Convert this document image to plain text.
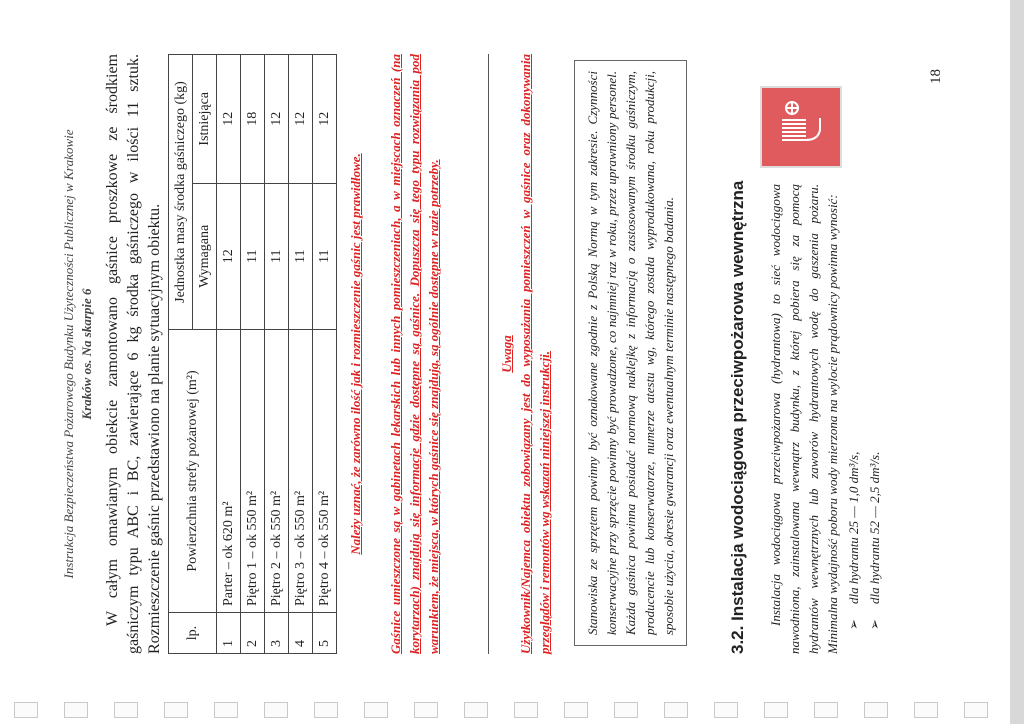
Instrukcja Bezpieczeństwa Pożarowego Budynku Użyteczności Publicznej w Krakowie Kraków os. Na skarpie 6 W całym omawianym obiekcie zamontowano gaśnice proszkowe ze środkiem gaśniczym typu ABC i BC, zawierające 6 kg środka gaśniczego w ilości 11 sztuk. Rozmieszczenie gaśnic przedstawiono na planie sytuacyjnym obiektu. lp.	Powierzchnia strefy pożarowej (m²)	Jednostka masy środka gaśniczego (kg)	
		Wymagana	Istniejąca
1	Parter – ok 620 m²	12	12
2	Piętro 1 – ok 550 m²	11	18
3	Piętro 2 – ok 550 m²	11	12
4	Piętro 3 – ok 550 m²	11	12
5	Piętro 4 – ok 550 m²	11	12
Należy uznać, że zarówno ilość jak i rozmieszczenie gaśnic jest prawidłowe. Gaśnice umieszczone są w gabinetach lekarskich lub innych pomieszczeniach, a w miejscach oznaczeń (na korytarzach) znajdują się informacje gdzie dostępne są gaśnice. Dopuszcza się tego typu rozwiązania pod warunkiem, że miejsca, w których gaśnice się znajdują, są ogólnie dostępne w razie potrzeby.	Uwaga Użytkownik/Najemca obiektu zobowiązany jest do wyposażania pomieszczeń w gaśnice oraz dokonywania przeglądów i remontów wg wskazań niniejszej instrukcji.	Stanowiska ze sprzętem powinny być oznakowane zgodnie z Polską Normą w tym zakresie. Czynności konserwacyjne przy sprzęcie powinny być prowadzone, co najmniej raz w roku, przez uprawniony personel. Każda gaśnica powinna posiadać normową naklejkę z informacją o zastosowanym środku gaśniczym, producencie lub konserwatorze, numerze atestu wg, którego została wyprodukowana, roku produkcji, sposobie użycia, okresie gwarancji oraz ewentualnym terminie następnego badania.	3.2. Instalacja wodociągowa przeciwpożarowa wewnętrzna Instalacja wodociągowa przeciwpożarowa (hydrantowa) to sieć wodociągowa nawodniona, zainstalowana wewnątrz budynku, z której pobiera się za pomocą hydrantów wewnętrznych lub zaworów hydrantowych wodę do gaszenia pożaru. Minimalna wydajność poboru wody mierzona na wylocie prądownicy powinna wynosić: ➢dla hydrantu 25 — 1,0 dm³/s,
➢dla hydrantu 52 — 2,5 dm³/s.
18
